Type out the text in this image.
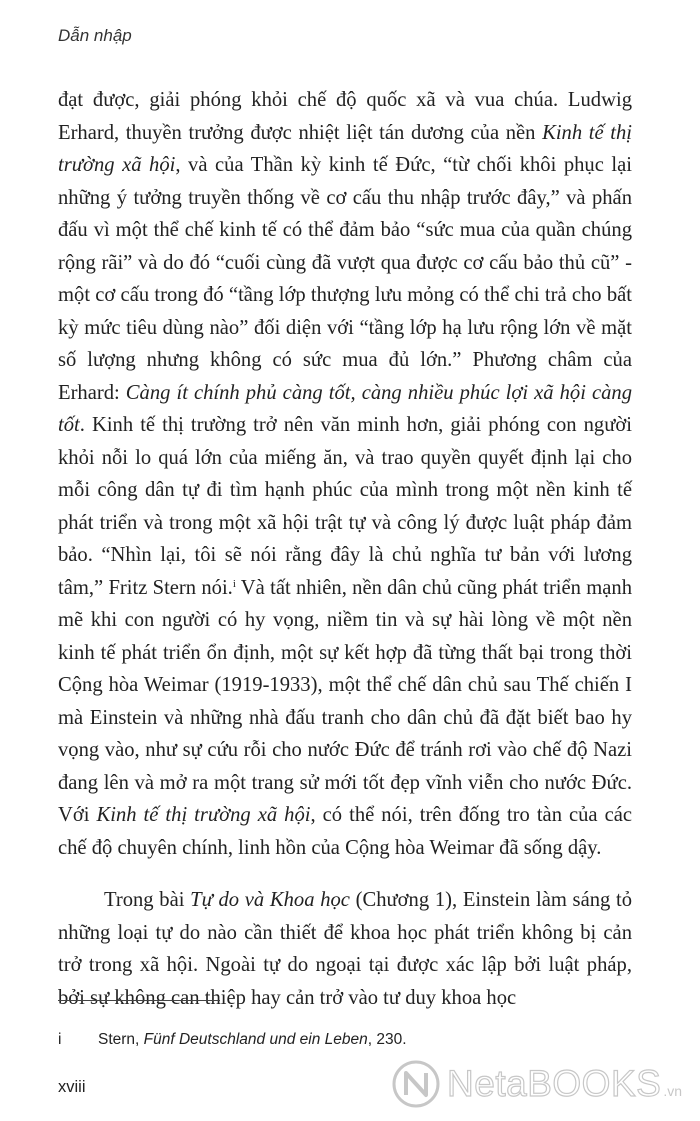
Dẫn nhập

đạt được, giải phóng khỏi chế độ quốc xã và vua chúa. Ludwig Erhard, thuyền trưởng được nhiệt liệt tán dương của nền Kinh tế thị trường xã hội, và của Thần kỳ kinh tế Đức, “từ chối khôi phục lại những ý tưởng truyền thống về cơ cấu thu nhập trước đây,” và phấn đấu vì một thể chế kinh tế có thể đảm bảo “sức mua của quần chúng rộng rãi” và do đó “cuối cùng đã vượt qua được cơ cấu bảo thủ cũ” - một cơ cấu trong đó “tầng lớp thượng lưu mỏng có thể chi trả cho bất kỳ mức tiêu dùng nào” đối diện với “tầng lớp hạ lưu rộng lớn về mặt số lượng nhưng không có sức mua đủ lớn.” Phương châm của Erhard: Càng ít chính phủ càng tốt, càng nhiều phúc lợi xã hội càng tốt. Kinh tế thị trường trở nên văn minh hơn, giải phóng con người khỏi nỗi lo quá lớn của miếng ăn, và trao quyền quyết định lại cho mỗi công dân tự đi tìm hạnh phúc của mình trong một nền kinh tế phát triển và trong một xã hội trật tự và công lý được luật pháp đảm bảo. “Nhìn lại, tôi sẽ nói rằng đây là chủ nghĩa tư bản với lương tâm,” Fritz Stern nói.$^i$ Và tất nhiên, nền dân chủ cũng phát triển mạnh mẽ khi con người có hy vọng, niềm tin và sự hài lòng về một nền kinh tế phát triển ổn định, một sự kết hợp đã từng thất bại trong thời Cộng hòa Weimar (1919-1933), một thể chế dân chủ sau Thế chiến I mà Einstein và những nhà đấu tranh cho dân chủ đã đặt biết bao hy vọng vào, như sự cứu rỗi cho nước Đức để tránh rơi vào chế độ Nazi đang lên và mở ra một trang sử mới tốt đẹp vĩnh viễn cho nước Đức. Với Kinh tế thị trường xã hội, có thể nói, trên đống tro tàn của các chế độ chuyên chính, linh hồn của Cộng hòa Weimar đã sống dậy.

Trong bài Tự do và Khoa học (Chương 1), Einstein làm sáng tỏ những loại tự do nào cần thiết để khoa học phát triển không bị cản trở trong xã hội. Ngoài tự do ngoại tại được xác lập bởi luật pháp, bởi sự không can thiệp hay cản trở vào tư duy khoa học

i Stern, Fünf Deutschland und ein Leben, 230.
xviii	NetaBOOKS .vn
